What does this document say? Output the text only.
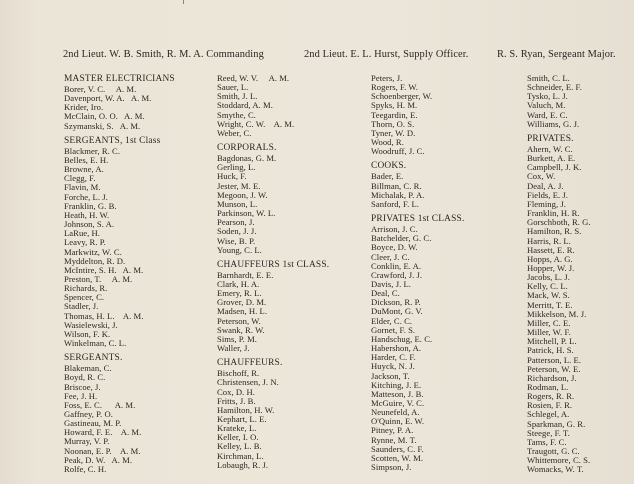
2nd Lieut. W. B. Smith, R. M. A. Commanding	2nd Lieut. E. L. Hurst, Supply Officer.	R. S. Ryan, Sergeant Major.
MASTER ELECTRICIANS
Borer, V. C.     A. M.
Davenport, W. A.   A. M.
Krider, Iro.
McClain, O. O.   A. M.
Szymanski, S.   A. M.
SERGEANTS, 1st Class
Blackmer, R. C.
Belles, E. H.
Browne, A.
Clegg, F.
Flavin, M.
Forche, L. J.
Franklin, G. B.
Heath, H. W.
Johnson, S. A.
LaRue, H.
Leavy, R. P.
Markwitz, W. C.
Myddelton, R. D.
McIntire, S. H.   A. M.
Preston, T.     A. M.
Richards, R.
Spencer, C.
Stadler, J.
Thomas, H. L.    A. M.
Wasielewski, J.
Wilson, F. K.
Winkelman, C. L.
SERGEANTS.
Blakeman, C.
Boyd, R. C.
Briscoe, J.
Fee, J. H.
Foss, E. C.      A. M.
Gaffney, P. O.
Gastineau, M. P.
Howard, F. E.    A. M.
Murray, V. P.
Noonan, E. P.    A. M.
Peak, D. W.   A. M.
Rolfe, C. H.
Reed, W. V.     A. M.
Sauer, L.
Smith, J. L.
Stoddard, A. M.
Smythe, C.
Wright, C. W.    A. M.
Weber, C.
CORPORALS.
Bagdonas, G. M.
Gerling, L.
Huck, F.
Jester, M. E.
Megoon, J. W.
Munson, L.
Parkinson, W. L.
Pearson, J.
Soden, J. J.
Wise, B. P.
Young, C. L.
CHAUFFEURS 1st CLASS.
Barnhardt, E. E.
Clark, H. A.
Emery, R. L.
Grover, D. M.
Madsen, H. L.
Peterson, W.
Swank, R. W.
Sims, P. M.
Waller, J.
CHAUFFEURS.
Bischoff, R.
Christensen, J. N.
Cox, D. H.
Fritts, J. B.
Hamilton, H. W.
Kephart, L. E.
Krateke, L.
Keller, I. O.
Kelley, L. B.
Kirchman, L.
Lobaugh, R. J.
Peters, J.
Rogers, F. W.
Schoenberger, W.
Spyks, H. M.
Teegardin, E.
Thorn, O. S.
Tyner, W. D.
Wood, R.
Woodruff, J. C.
COOKS.
Bader, E.
Billman, C. R.
Michalak, P. A.
Sanford, F. L.
PRIVATES 1st CLASS.
Arrison, J. C.
Batchelder, G. C.
Boyce, D. W.
Cleer, J. C.
Conklin, E. A.
Crawford, J. J.
Davis, J. L.
Deal, C.
Dickson, R. P.
DuMont, G. V.
Elder, C. C.
Gornet, F. S.
Handschug, E. C.
Habershon, A.
Harder, C. F.
Huyck, N. J.
Jackson, T.
Kitching, J. E.
Matteson, J. B.
McGuire, V. C.
Neunefeld, A.
O'Quinn, E. W.
Pitney, P. A.
Rynne, M. T.
Saunders, C. F.
Scotten, W. M.
Simpson, J.
Smith, C. L.
Schneider, E. F.
Tysko, L. J.
Valuch, M.
Ward, E. C.
Williams, G. J.
PRIVATES.
Ahern, W. C.
Burkett, A. E.
Campbell, J. K.
Cox, W.
Deal, A. J.
Fields, E. J.
Fleming, J.
Franklin, H. R.
Gorschboth, R. G.
Hamilton, R. S.
Harris, R. L.
Hassett, E. R.
Hopps, A. G.
Hopper, W. J.
Jacobs, L. J.
Kelly, C. L.
Mack, W. S.
Merritt, T. E.
Mikkelson, M. J.
Miller, C. E.
Miller, W. F.
Mitchell, P. L.
Patrick, H. S.
Patterson, L. E.
Peterson, W. E.
Richardson, J.
Rodman, L.
Rogers, R. R.
Rosien, F. R.
Schlegel, A.
Sparkman, G. R.
Steege, F. T.
Tams, F. C.
Traugott, G. C.
Whittemore, C. S.
Womacks, W. T.
